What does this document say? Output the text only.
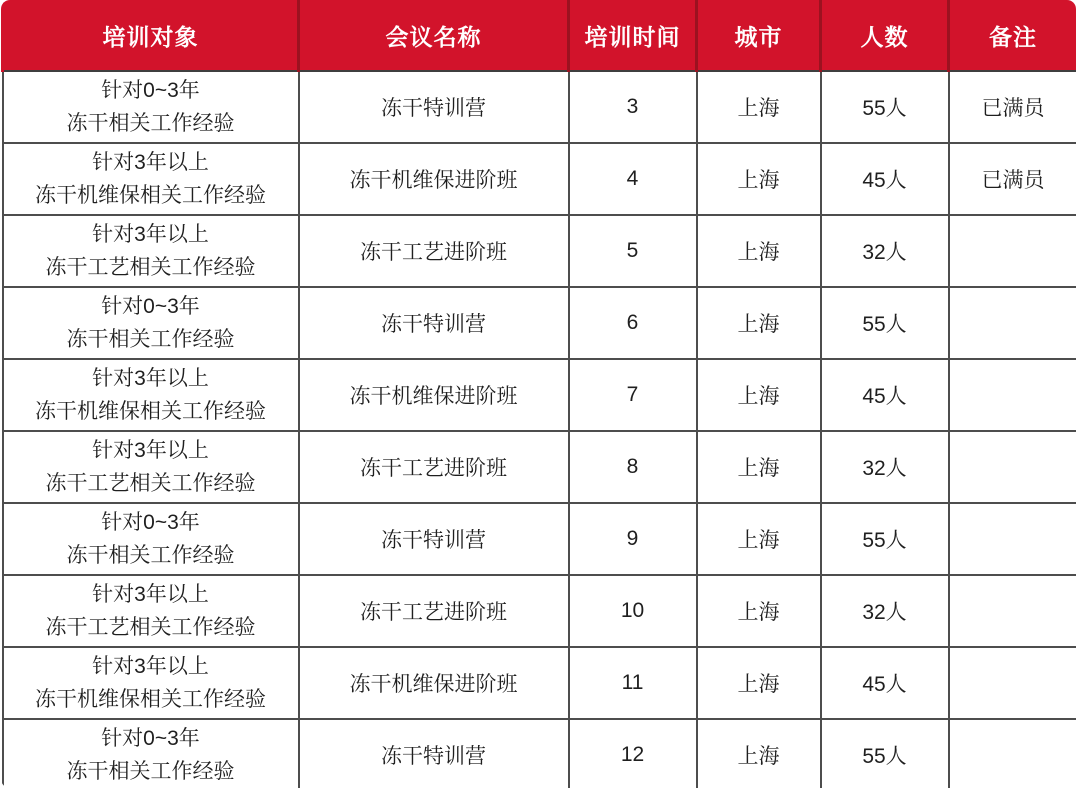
培训对象	会议名称	培训时间	城市	人数	备注

针对0~3年
冻干相关工作经验	冻干特训营	3	上海	55人	已满员

针对3年以上
冻干机维保相关工作经验	冻干机维保进阶班	4	上海	45人	已满员

针对3年以上
冻干工艺相关工作经验	冻干工艺进阶班	5	上海	32人	

针对0~3年
冻干相关工作经验	冻干特训营	6	上海	55人	

针对3年以上
冻干机维保相关工作经验	冻干机维保进阶班	7	上海	45人	

针对3年以上
冻干工艺相关工作经验	冻干工艺进阶班	8	上海	32人	

针对0~3年
冻干相关工作经验	冻干特训营	9	上海	55人	

针对3年以上
冻干工艺相关工作经验	冻干工艺进阶班	10	上海	32人	

针对3年以上
冻干机维保相关工作经验	冻干机维保进阶班	11	上海	45人	

针对0~3年
冻干相关工作经验	冻干特训营	12	上海	55人	
